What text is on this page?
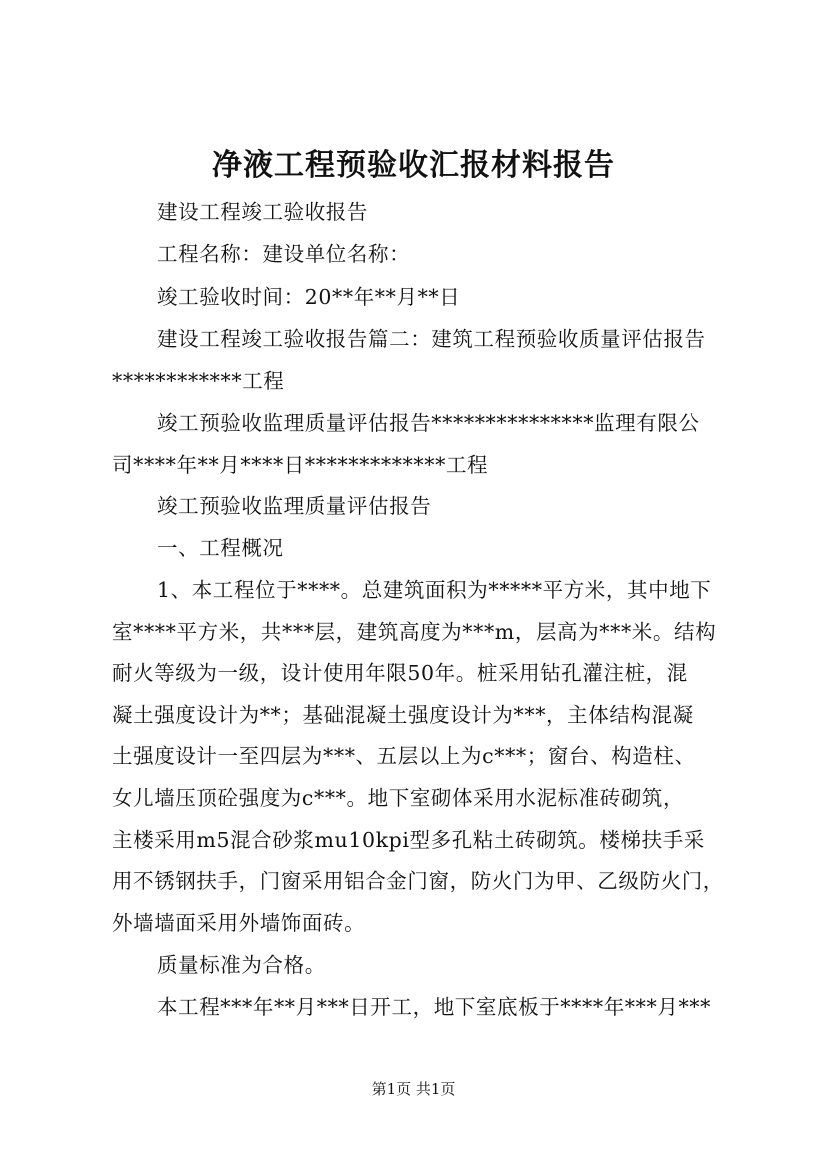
净液工程预验收汇报材料报告
建设工程竣工验收报告
工程名称：建设单位名称：
竣工验收时间：20**年**月**日
建设工程竣工验收报告篇二：建筑工程预验收质量评估报告
************工程
竣工预验收监理质量评估报告***************监理有限公
司****年**月****日*************工程
竣工预验收监理质量评估报告
一、工程概况
1、本工程位于****。总建筑面积为*****平方米，其中地下
室****平方米，共***层，建筑高度为***m，层高为***米。结构
耐火等级为一级，设计使用年限50年。桩采用钻孔灌注桩，混
凝土强度设计为**；基础混凝土强度设计为***，主体结构混凝
土强度设计一至四层为***、五层以上为c***；窗台、构造柱、
女儿墙压顶砼强度为c***。地下室砌体采用水泥标准砖砌筑，
主楼采用m5混合砂浆mu10kpi型多孔粘土砖砌筑。楼梯扶手采
用不锈钢扶手，门窗采用铝合金门窗，防火门为甲、乙级防火门，
外墙墙面采用外墙饰面砖。
质量标准为合格。
本工程***年**月***日开工，地下室底板于****年***月***
第1页 共1页
